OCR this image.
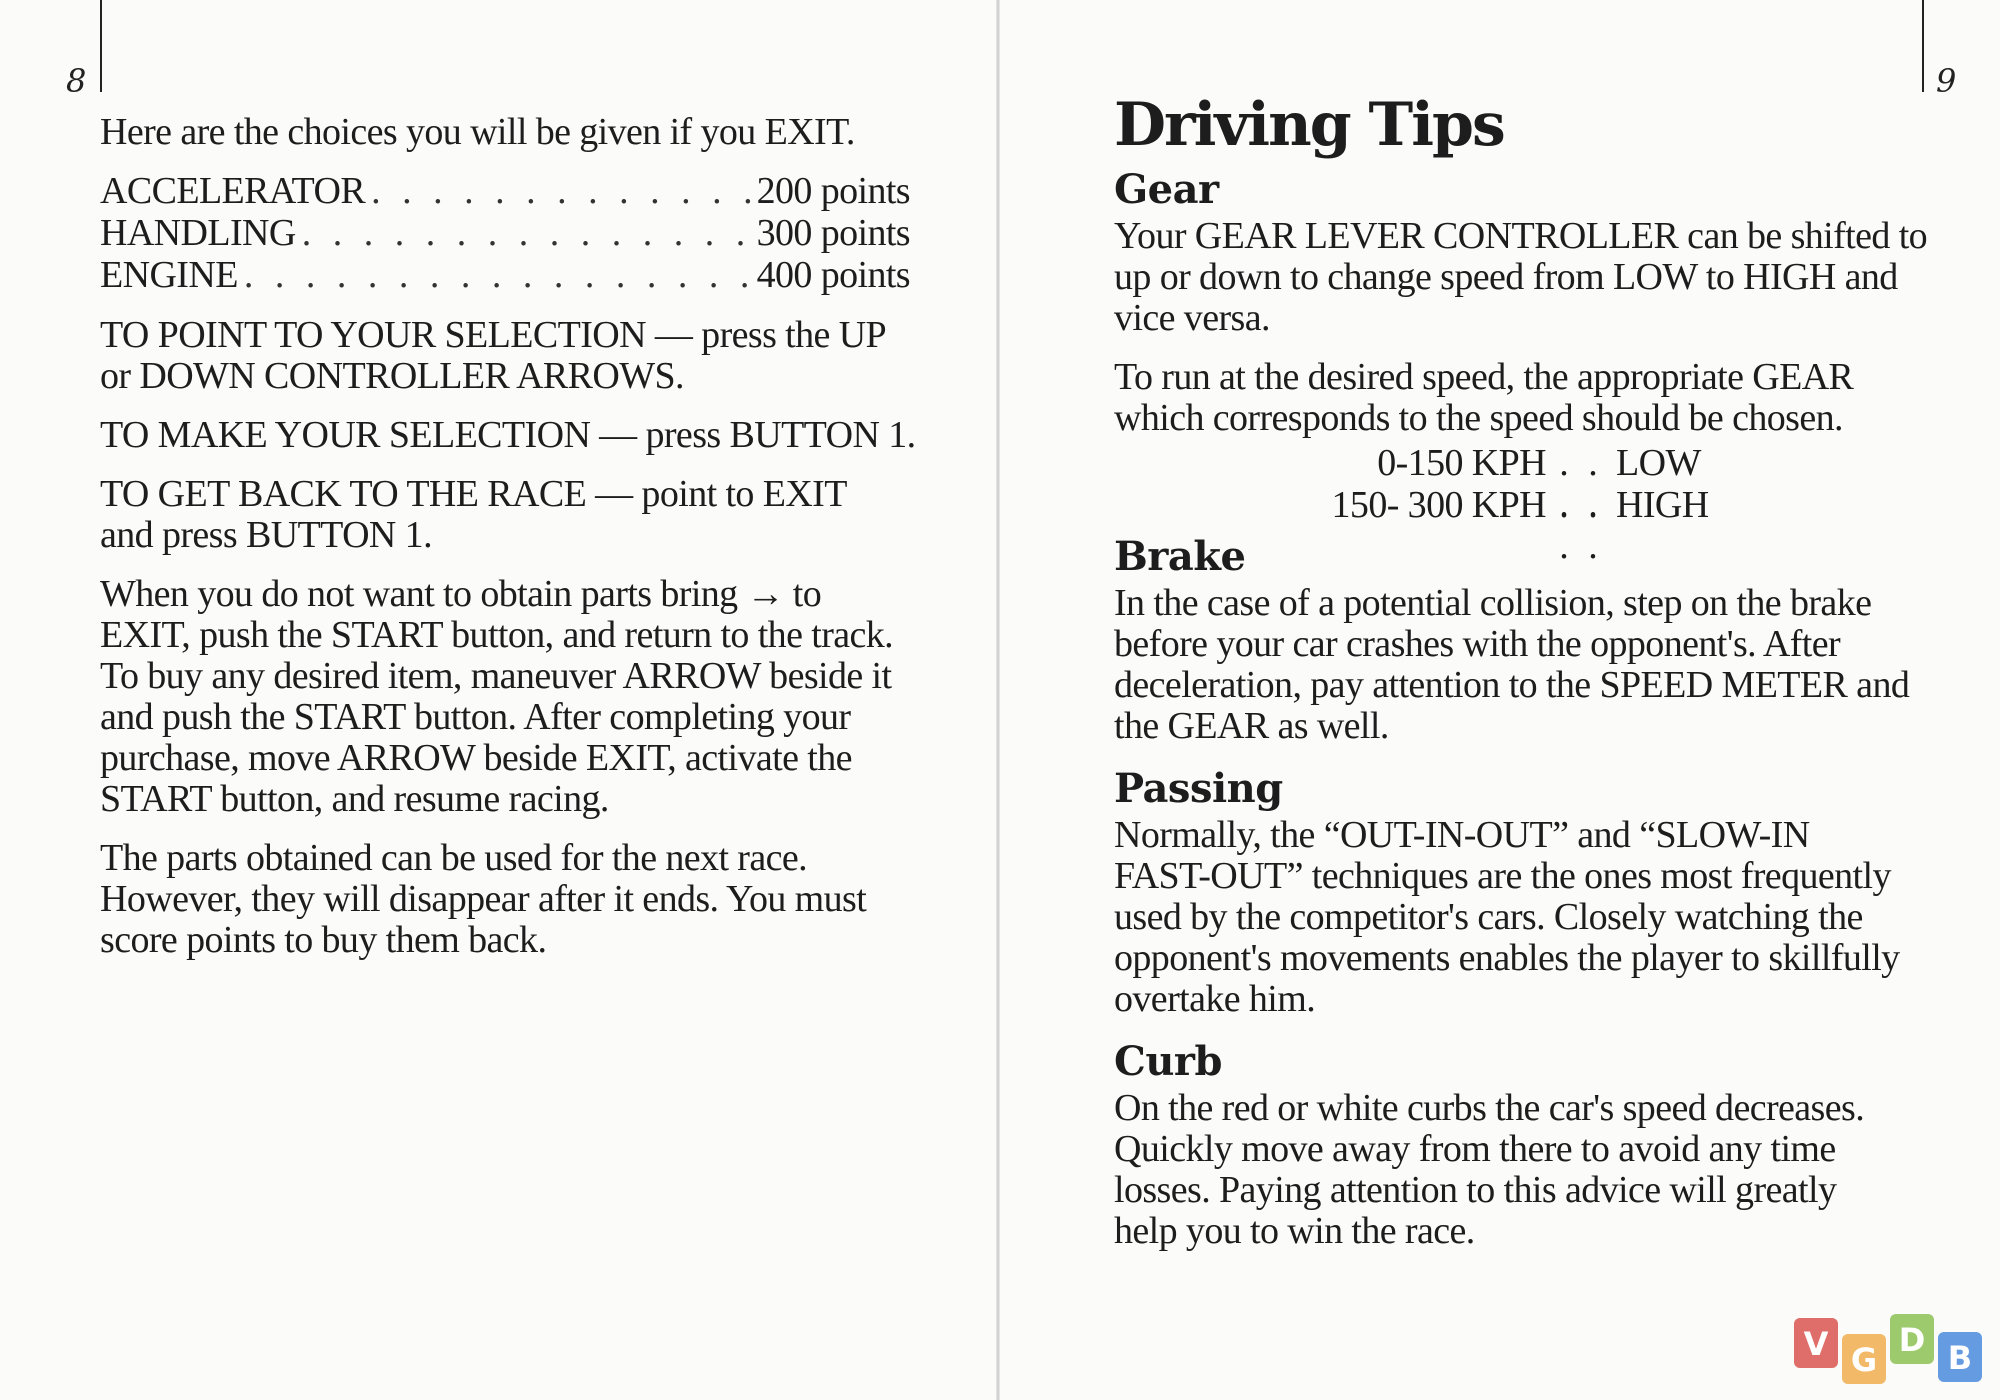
8

Here are the choices you will be given if you EXIT.

ACCELERATOR . . .	200 points
HANDLING . . .	300 points
ENGINE . . .	400 points

TO POINT TO YOUR SELECTION — press the UP or DOWN CONTROLLER ARROWS.

TO MAKE YOUR SELECTION — press BUTTON 1.

TO GET BACK TO THE RACE — point to EXIT and press BUTTON 1.

When you do not want to obtain parts bring → to EXIT, push the START button, and return to the track. To buy any desired item, maneuver ARROW beside it and push the START button. After completing your purchase, move ARROW beside EXIT, activate the START button, and resume racing.

The parts obtained can be used for the next race. However, they will disappear after it ends. You must score points to buy them back.

9
Driving Tips
Gear

Your GEAR LEVER CONTROLLER can be shifted to up or down to change speed from LOW to HIGH and vice versa.

To run at the desired speed, the appropriate GEAR which corresponds to the speed should be chosen.

0-150 KPH . . . . LOW
150- 300 KPH . . . . HIGH
Brake

In the case of a potential collision, step on the brake before your car crashes with the opponent's. After deceleration, pay attention to the SPEED METER and the GEAR as well.

Passing

Normally, the “OUT-IN-OUT” and “SLOW-IN FAST-OUT” techniques are the ones most frequently used by the competitor's cars. Closely watching the opponent's movements enables the player to skillfully overtake him.

Curb

On the red or white curbs the car's speed decreases. Quickly move away from there to avoid any time losses. Paying attention to this advice will greatly help you to win the race.

V G
D B
